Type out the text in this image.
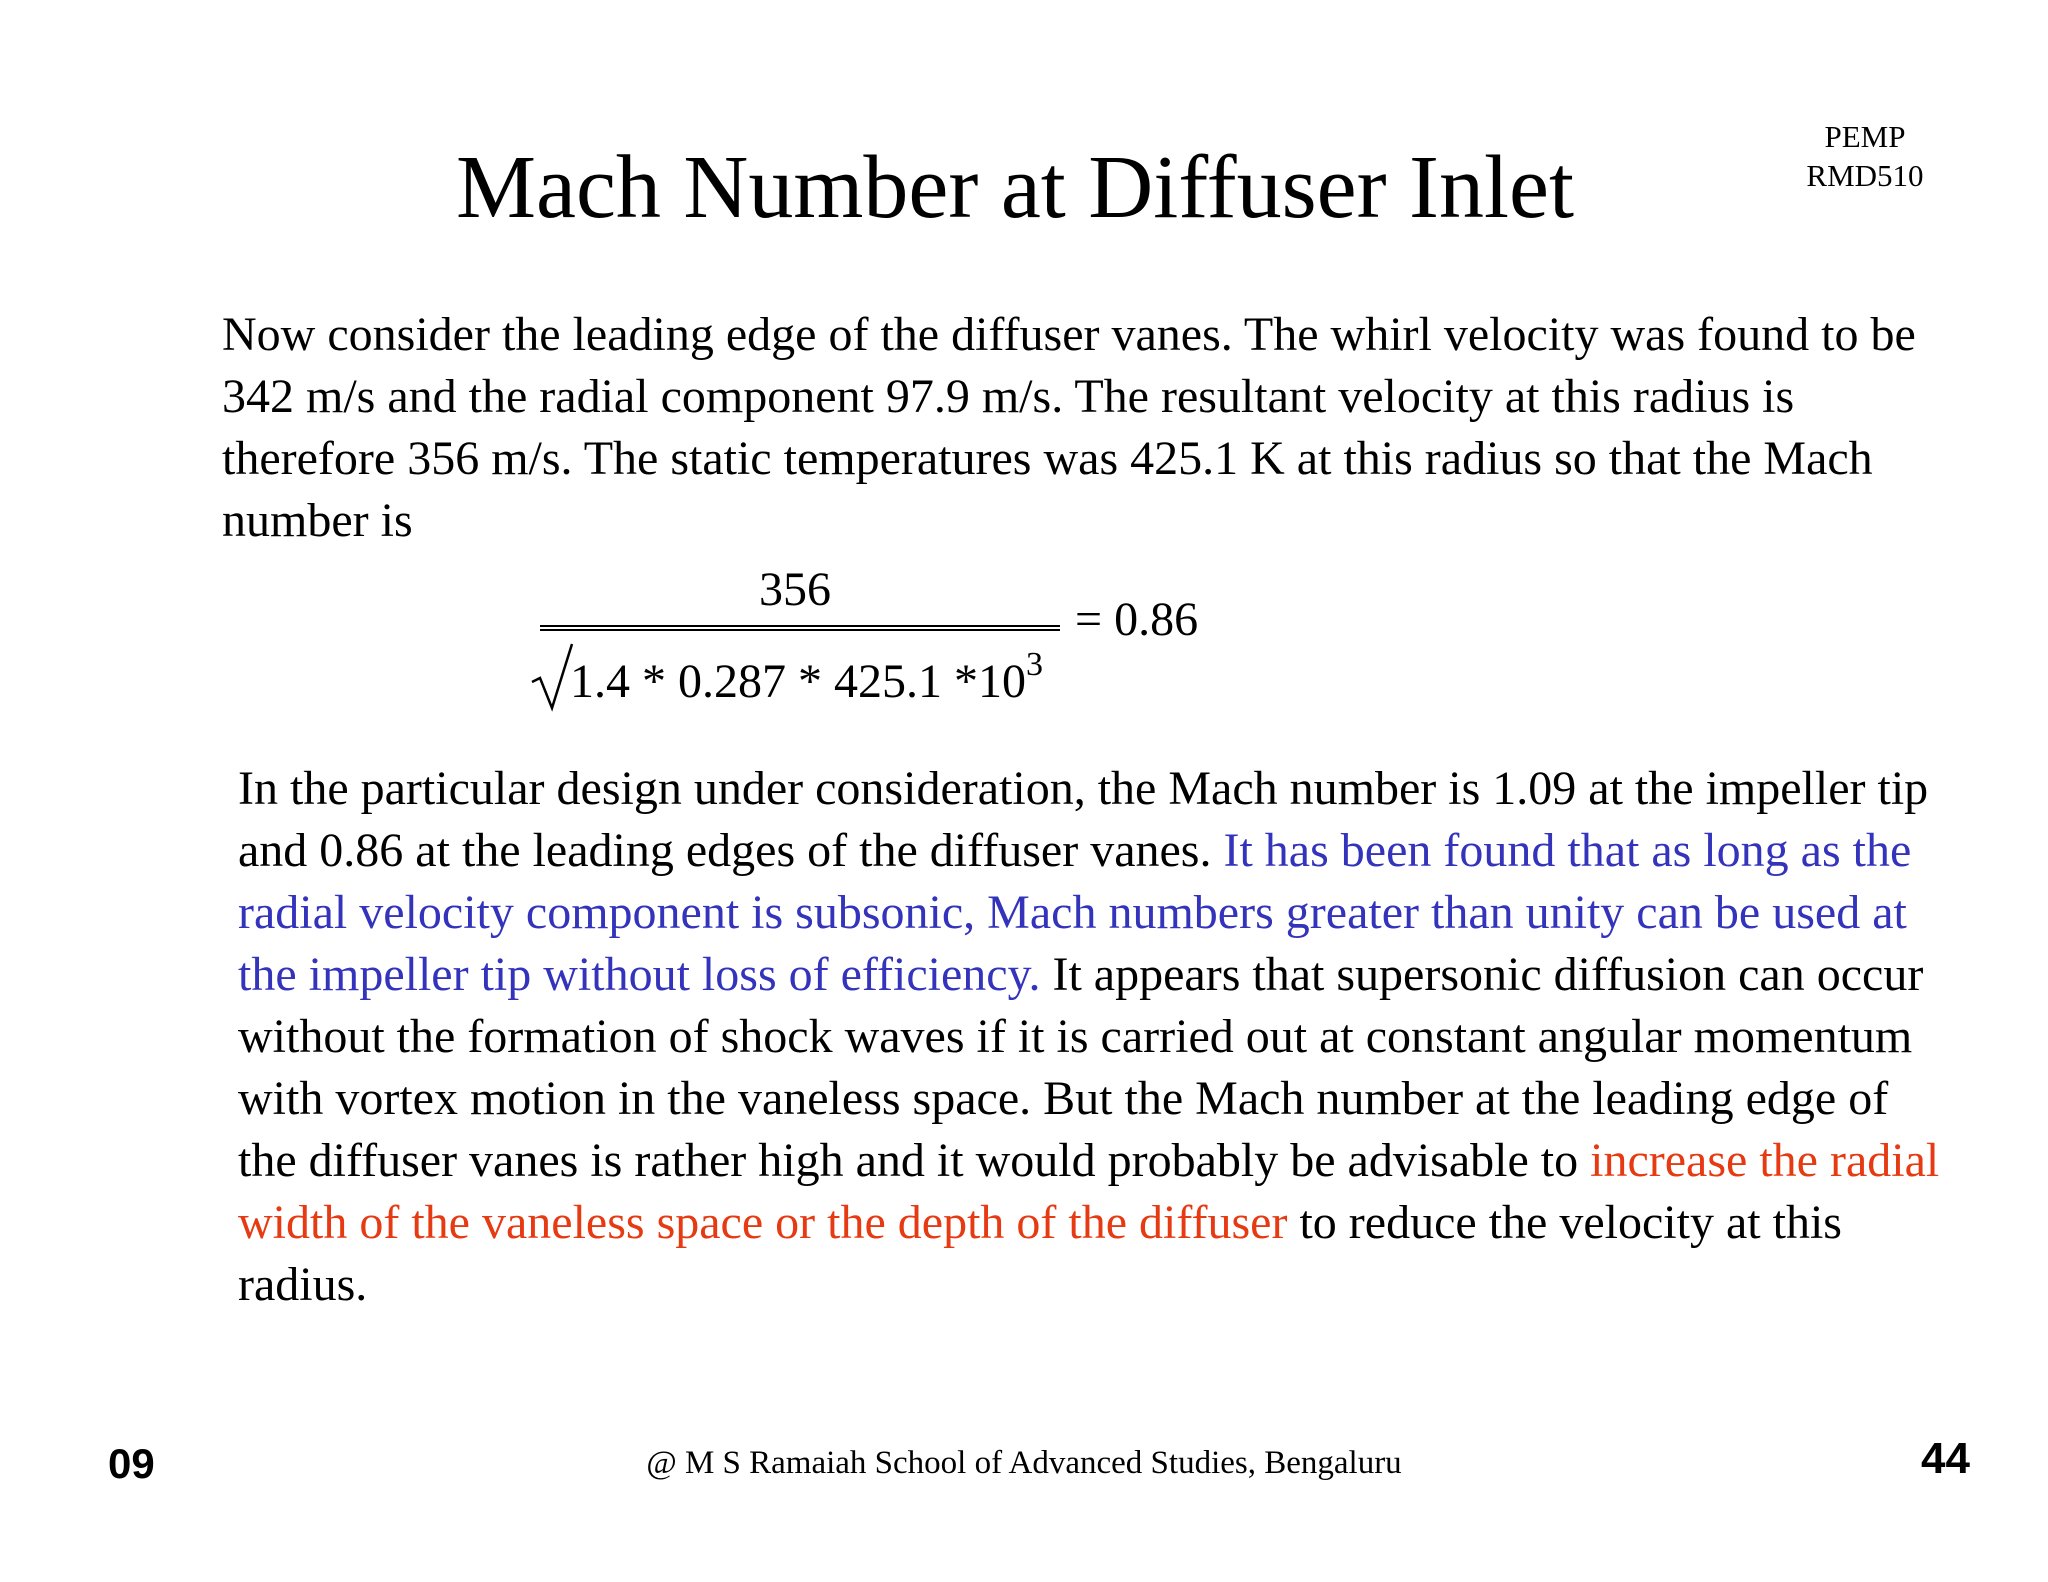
Mach Number at Diffuser Inlet
PEMP
RMD510

Now consider the leading edge of the diffuser vanes. The whirl velocity was found to be 342 m/s and the radial component 97.9 m/s. The resultant velocity at this radius is therefore 356 m/s. The static temperatures was 425.1 K at this radius so that the Mach number is

356
1.4 * 0.287 * 425.1 $*10^3$
= 0.86

In the particular design under consideration, the Mach number is 1.09 at the impeller tip and 0.86 at the leading edges of the diffuser vanes. It has been found that as long as the radial velocity component is subsonic, Mach numbers greater than unity can be used at the impeller tip without loss of efficiency. It appears that supersonic diffusion can occur without the formation of shock waves if it is carried out at constant angular momentum with vortex motion in the vaneless space. But the Mach number at the leading edge of the diffuser vanes is rather high and it would probably be advisable to increase the radial width of the vaneless space or the depth of the diffuser to reduce the velocity at this radius.

09	@ M S Ramaiah School of Advanced Studies, Bengaluru	44
